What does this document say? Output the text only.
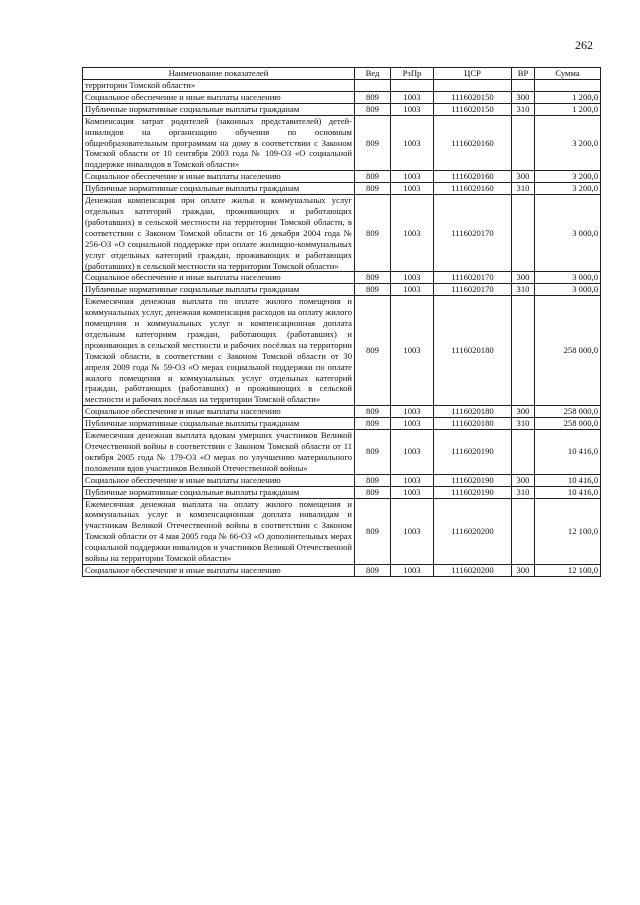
262
Наименование показателей	Вед	РзПр	ЦСР	ВР	Сумма
территории Томской области»					
Социальное обеспечение и иные выплаты населению	809	1003	1116020150	300	1 200,0
Публичные нормативные социальные выплаты гражданам	809	1003	1116020150	310	1 200,0
Компенсация затрат родителей (законных представителей) детей-инвалидов на организацию обучения по основным общеобразовательным программам на дому в соответствии с Законом Томской области от 10 сентября 2003 года № 109-ОЗ «О социальной поддержке инвалидов в Томской области»	809	1003	1116020160		3 200,0
Социальное обеспечение и иные выплаты населению	809	1003	1116020160	300	3 200,0
Публичные нормативные социальные выплаты гражданам	809	1003	1116020160	310	3 200,0
Денежная компенсация при оплате жилья и коммунальных услуг отдельных категорий граждан, проживающих и работающих (работавших) в сельской местности на территории Томской области, в соответствии с Законом Томской области от 16 декабря 2004 года № 256-ОЗ «О социальной поддержке при оплате жилищно-коммунальных услуг отдельных категорий граждан, проживающих и работающих (работавших) в сельской местности на территории Томской области»	809	1003	1116020170		3 000,0
Социальное обеспечение и иные выплаты населению	809	1003	1116020170	300	3 000,0
Публичные нормативные социальные выплаты гражданам	809	1003	1116020170	310	3 000,0
Ежемесячная денежная выплата по оплате жилого помещения и коммунальных услуг, денежная компенсация расходов на оплату жилого помещения и коммунальных услуг и компенсационная доплата отдельным категориям граждан, работающих (работавших) и проживающих в сельской местности и рабочих посёлках на территории Томской области, в соответствии с Законом Томской области от 30 апреля 2009 года № 59-ОЗ «О мерах социальной поддержки по оплате жилого помещения и коммунальных услуг отдельных категорий граждан, работающих (работавших) и проживающих в сельской местности и рабочих посёлках на территории Томской области»	809	1003	1116020180		258 000,0
Социальное обеспечение и иные выплаты населению	809	1003	1116020180	300	258 000,0
Публичные нормативные социальные выплаты гражданам	809	1003	1116020180	310	258 000,0
Ежемесячная денежная выплата вдовам умерших участников Великой Отечественной войны в соответствии с Законом Томской области от 11 октября 2005 года № 179-ОЗ «О мерах по улучшению материального положения вдов участников Великой Отечественной войны»	809	1003	1116020190		10 416,0
Социальное обеспечение и иные выплаты населению	809	1003	1116020190	300	10 416,0
Публичные нормативные социальные выплаты гражданам	809	1003	1116020190	310	10 416,0
Ежемесячная денежная выплата на оплату жилого помещения и коммунальных услуг и компенсационная доплата инвалидам и участникам Великой Отечественной войны в соответствии с Законом Томской области от 4 мая 2005 года № 66-ОЗ «О дополнительных мерах социальной поддержки инвалидов и участников Великой Отечественной войны на территории Томской области»	809	1003	1116020200		12 100,0
Социальное обеспечение и иные выплаты населению	809	1003	1116020200	300	12 100,0
